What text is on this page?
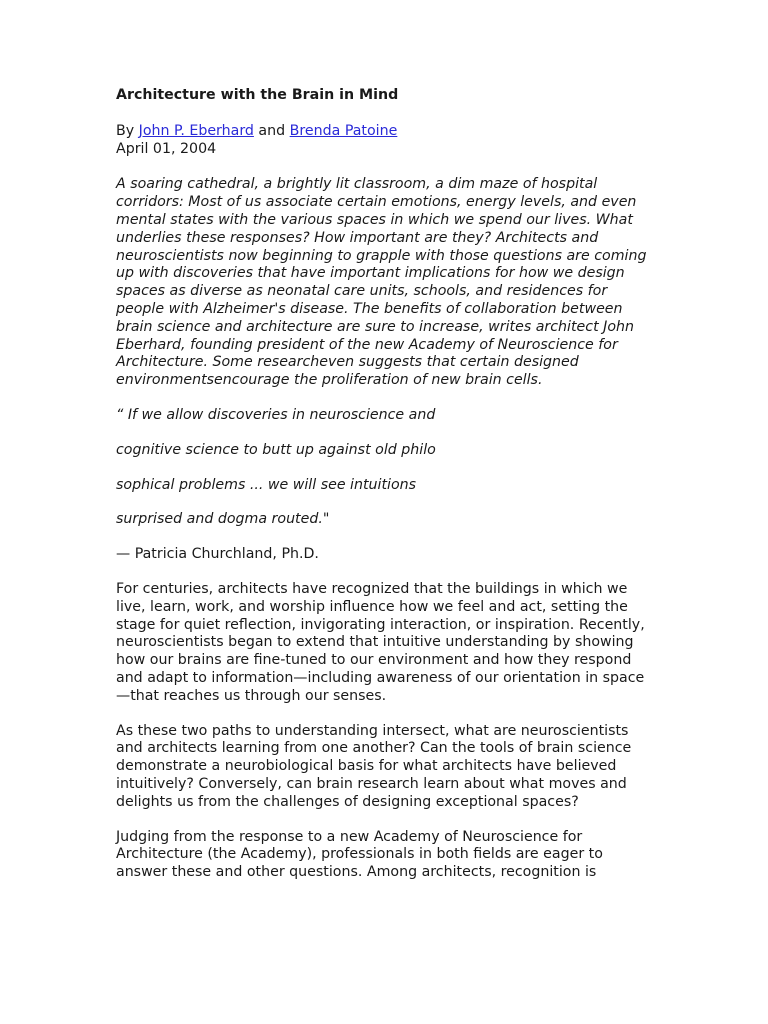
Architecture with the Brain in Mind
By John P. Eberhard and Brenda Patoine
April 01, 2004
A soaring cathedral, a brightly lit classroom, a dim maze of hospital corridors: Most of us associate certain emotions, energy levels, and even mental states with the various spaces in which we spend our lives. What underlies these responses? How important are they? Architects and neuroscientists now beginning to grapple with those questions are coming up with discoveries that have important implications for how we design spaces as diverse as neonatal care units, schools, and residences for people with Alzheimer's disease. The benefits of collaboration between brain science and architecture are sure to increase, writes architect John Eberhard, founding president of the new Academy of Neuroscience for Architecture. Some researcheven suggests that certain designed environmentsencourage the proliferation of new brain cells.
“ If we allow discoveries in neuroscience and
cognitive science to butt up against old philo
sophical problems ... we will see intuitions
surprised and dogma routed."
— Patricia Churchland, Ph.D.
For centuries, architects have recognized that the buildings in which we live, learn, work, and worship influence how we feel and act, setting the stage for quiet reflection, invigorating interaction, or inspiration. Recently, neuroscientists began to extend that intuitive understanding by showing how our brains are fine-tuned to our environment and how they respond and adapt to information—including awareness of our orientation in space—that reaches us through our senses.
As these two paths to understanding intersect, what are neuroscientists and architects learning from one another? Can the tools of brain science demonstrate a neurobiological basis for what architects have believed intuitively? Conversely, can brain research learn about what moves and delights us from the challenges of designing exceptional spaces?
Judging from the response to a new Academy of Neuroscience for Architecture (the Academy), professionals in both fields are eager to answer these and other questions. Among architects, recognition is
